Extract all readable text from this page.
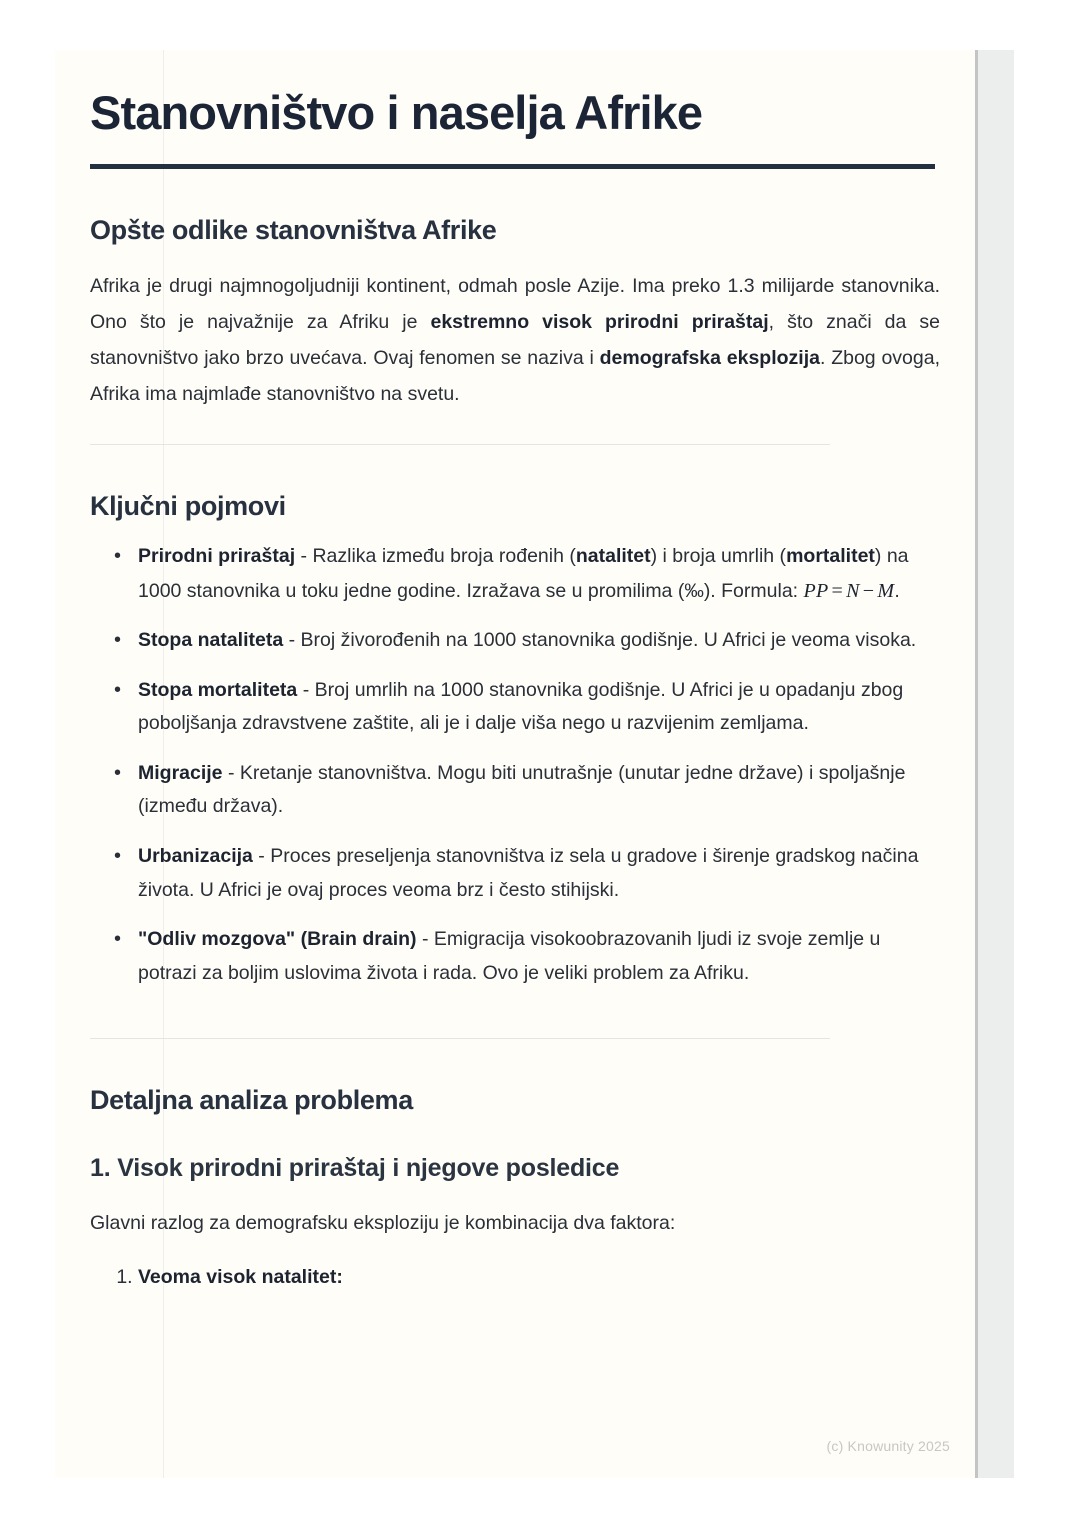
Stanovništvo i naselja Afrike
Opšte odlike stanovništva Afrike

Afrika je drugi najmnogoljudniji kontinent, odmah posle Azije. Ima preko 1.3 milijarde stanovnika. Ono što je najvažnije za Afriku je ekstremno visok prirodni priraštaj, što znači da se stanovništvo jako brzo uvećava. Ovaj fenomen se naziva i demografska eksplozija. Zbog ovoga, Afrika ima najmlađe stanovništvo na svetu.

Ključni pojmovi
• Prirodni priraštaj - Razlika između broja rođenih (natalitet) i broja umrlih (mortalitet) na 1000 stanovnika u toku jedne godine. Izražava se u promilima (‰). Formula: PP = N − M.
• Stopa nataliteta - Broj živorođenih na 1000 stanovnika godišnje. U Africi je veoma visoka.
• Stopa mortaliteta - Broj umrlih na 1000 stanovnika godišnje. U Africi je u opadanju zbog poboljšanja zdravstvene zaštite, ali je i dalje viša nego u razvijenim zemljama.
• Migracije - Kretanje stanovništva. Mogu biti unutrašnje (unutar jedne države) i spoljašnje (između država).
• Urbanizacija - Proces preseljenja stanovništva iz sela u gradove i širenje gradskog načina života. U Africi je ovaj proces veoma brz i često stihijski.
• "Odliv mozgova" (Brain drain) - Emigracija visokoobrazovanih ljudi iz svoje zemlje u potrazi za boljim uslovima života i rada. Ovo je veliki problem za Afriku.
Detaljna analiza problema
1. Visok prirodni priraštaj i njegove posledice

Glavni razlog za demografsku eksploziju je kombinacija dva faktora:

1. Veoma visok natalitet:
(c) Knowunity 2025
